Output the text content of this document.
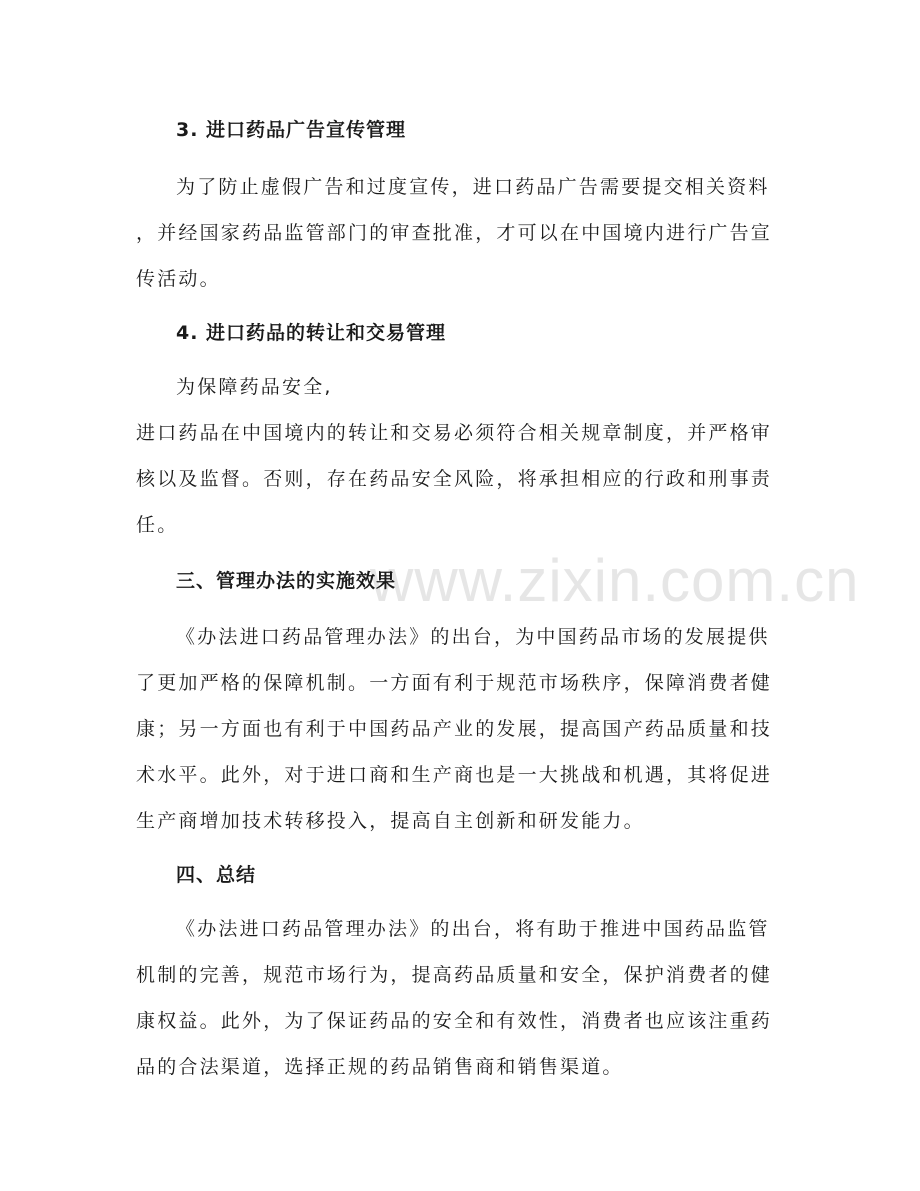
www.zixin.com.cn
3. 进口药品广告宣传管理
为了防止虚假广告和过度宣传，进口药品广告需要提交相关资料
，并经国家药品监管部门的审查批准，才可以在中国境内进行广告宣
传活动。
4. 进口药品的转让和交易管理
为保障药品安全,
进口药品在中国境内的转让和交易必须符合相关规章制度，并严格审
核以及监督。否则，存在药品安全风险，将承担相应的行政和刑事责
任。
三、管理办法的实施效果
《办法进口药品管理办法》的出台，为中国药品市场的发展提供
了更加严格的保障机制。一方面有利于规范市场秩序，保障消费者健
康；另一方面也有利于中国药品产业的发展，提高国产药品质量和技
术水平。此外，对于进口商和生产商也是一大挑战和机遇，其将促进
生产商增加技术转移投入，提高自主创新和研发能力。
四、总结
《办法进口药品管理办法》的出台，将有助于推进中国药品监管
机制的完善，规范市场行为，提高药品质量和安全，保护消费者的健
康权益。此外，为了保证药品的安全和有效性，消费者也应该注重药
品的合法渠道，选择正规的药品销售商和销售渠道。
